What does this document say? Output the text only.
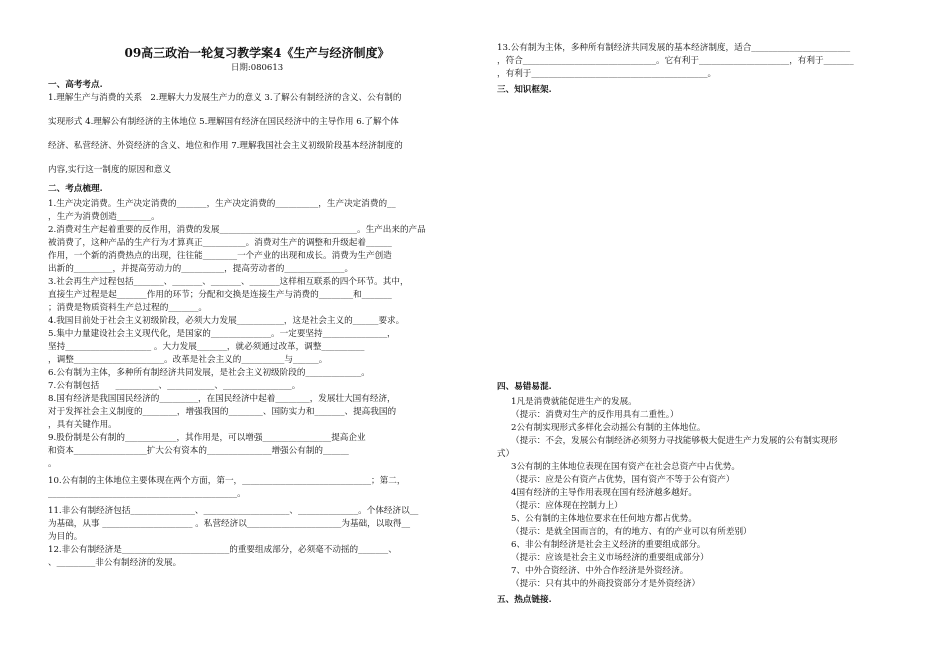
09高三政治一轮复习教学案4《生产与经济制度》
日期:080613
一、高考考点.

1.理解生产与消费的关系   2.理解大力发展生产力的意义 3.了解公有制经济的含义、公有制的

实现形式 4.理解公有制经济的主体地位 5.理解国有经济在国民经济中的主导作用 6.了解个体

经济、私营经济、外资经济的含义、地位和作用 7.理解我国社会主义初级阶段基本经济制度的

内容,实行这一制度的原因和意义

二、考点梳理.

1.生产决定消费。生产决定消费的_______，生产决定消费的__________，生产决定消费的__

，生产为消费创造________。

2.消费对生产起着重要的反作用，消费的发展________________________________。生产出来的产品

被消费了，这种产品的生产行为才算真正__________。消费对生产的调整和升级起着______

作用，一个新的消费热点的出现，往往能________一个产业的出现和成长。消费为生产创造

出新的_________，并提高劳动力的__________，提高劳动者的______________。

3.社会再生产过程包括_______、_______、_______、_______这样相互联系的四个环节。其中，

直接生产过程是起_______作用的环节；分配和交换是连接生产与消费的________和_______

；消费是物质资料生产总过程的_______。

4.我国目前处于社会主义初级阶段，必须大力发展___________，这是社会主义的______要求。

5.集中力量建设社会主义现代化，是国家的______________。一定要坚持_______________，

坚持____________________ 。大力发展_______，就必须通过改革，调整__________

，调整_____________________。改革是社会主义的__________与______。

6.公有制为主体，多种所有制经济共同发展，是社会主义初级阶段的_____________。

7.公有制包括      __________、___________、________________。

8.国有经济是我国国民经济的_________，在国民经济中起着________，发展壮大国有经济，

对于发挥社会主义制度的________，增强我国的________、国防实力和_______、提高我国的

，具有关键作用。

9.股份制是公有制的____________，其作用是，可以增强________________提高企业

和资本_________________扩大公有资本的_______________增强公有制的______

。

10.公有制的主体地位主要体现在两个方面，第一，______________________________；第二，

____________________________________________。

11.非公有制经济包括_______________、____________________、______________。个体经济以__

为基础，从事 _____________________ 。私营经济以______________________为基础，以取得__

为目的。

12.非公有制经济是_________________________的重要组成部分，必须毫不动摇的_______、

、_________非公有制经济的发展。

13.公有制为主体，多种所有制经济共同发展的基本经济制度，适合_______________________

，符合_______________________________。它有利于_____________________，有利于_______

，有利于_________________________________________。

三、知识框架.
四、易错易混.

1凡是消费就能促进生产的发展。

（提示：消费对生产的反作用具有二重性。）

2公有制实现形式多样化会动摇公有制的主体地位。

（提示：不会，发展公有制经济必须努力寻找能够极大促进生产力发展的公有制实现形

式）

3公有制的主体地位表现在国有资产在社会总资产中占优势。

（提示：应是公有资产占优势，国有资产不等于公有资产）

4国有经济的主导作用表现在国有经济越多越好。

（提示：应体现在控制力上）

5、公有制的主体地位要求在任何地方都占优势。

（提示：是就全国而言的，有的地方、有的产业可以有所差别）

6、非公有制经济是社会主义经济的重要组成部分。

（提示：应该是社会主义市场经济的重要组成部分）

7、中外合资经济、中外合作经济是外资经济。

（提示：只有其中的外商投资部分才是外资经济）

五、热点链接.
